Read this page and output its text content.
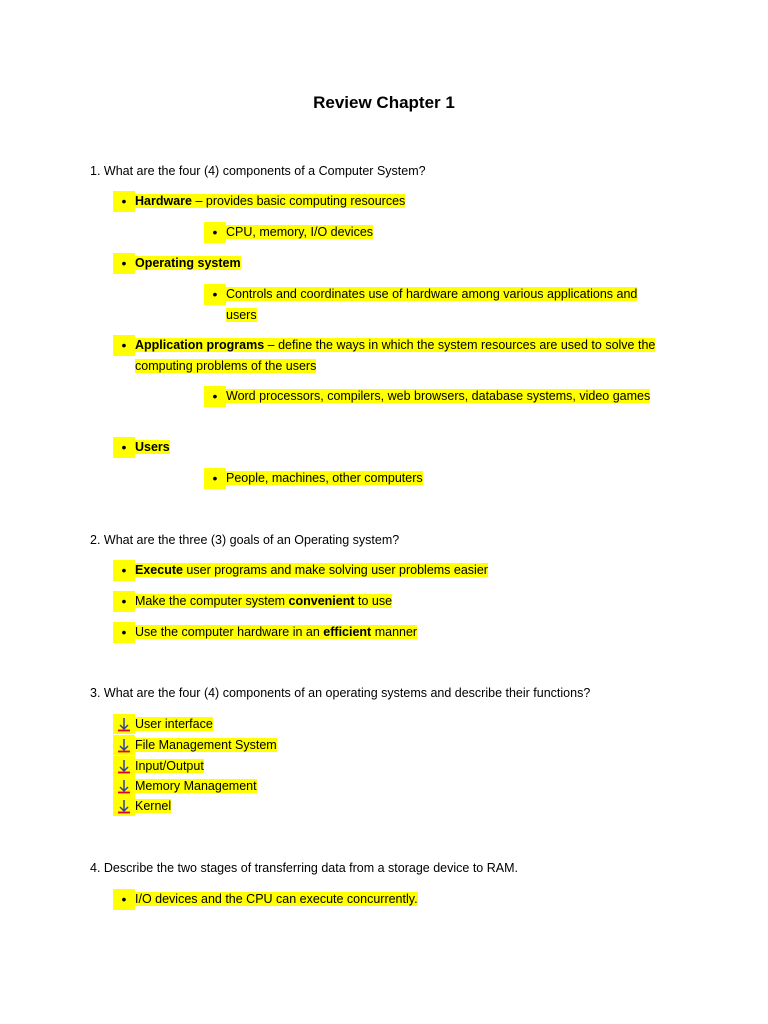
Review Chapter 1
1. What are the four (4) components of a Computer System?
• Hardware – provides basic computing resources
• CPU, memory, I/O devices
• Operating system
• Controls and coordinates use of hardware among various applications and users
• Application programs – define the ways in which the system resources are used to solve the computing problems of the users
• Word processors, compilers, web browsers, database systems, video games
• Users
• People, machines, other computers
2. What are the three (3) goals of an Operating system?
• Execute user programs and make solving user problems easier
• Make the computer system convenient to use
• Use the computer hardware in an efficient manner
3. What are the four (4) components of an operating systems and describe their functions?
User interface
File Management System
Input/Output
Memory Management
Kernel
4. Describe the two stages of transferring data from a storage device to RAM.
• I/O devices and the CPU can execute concurrently.
